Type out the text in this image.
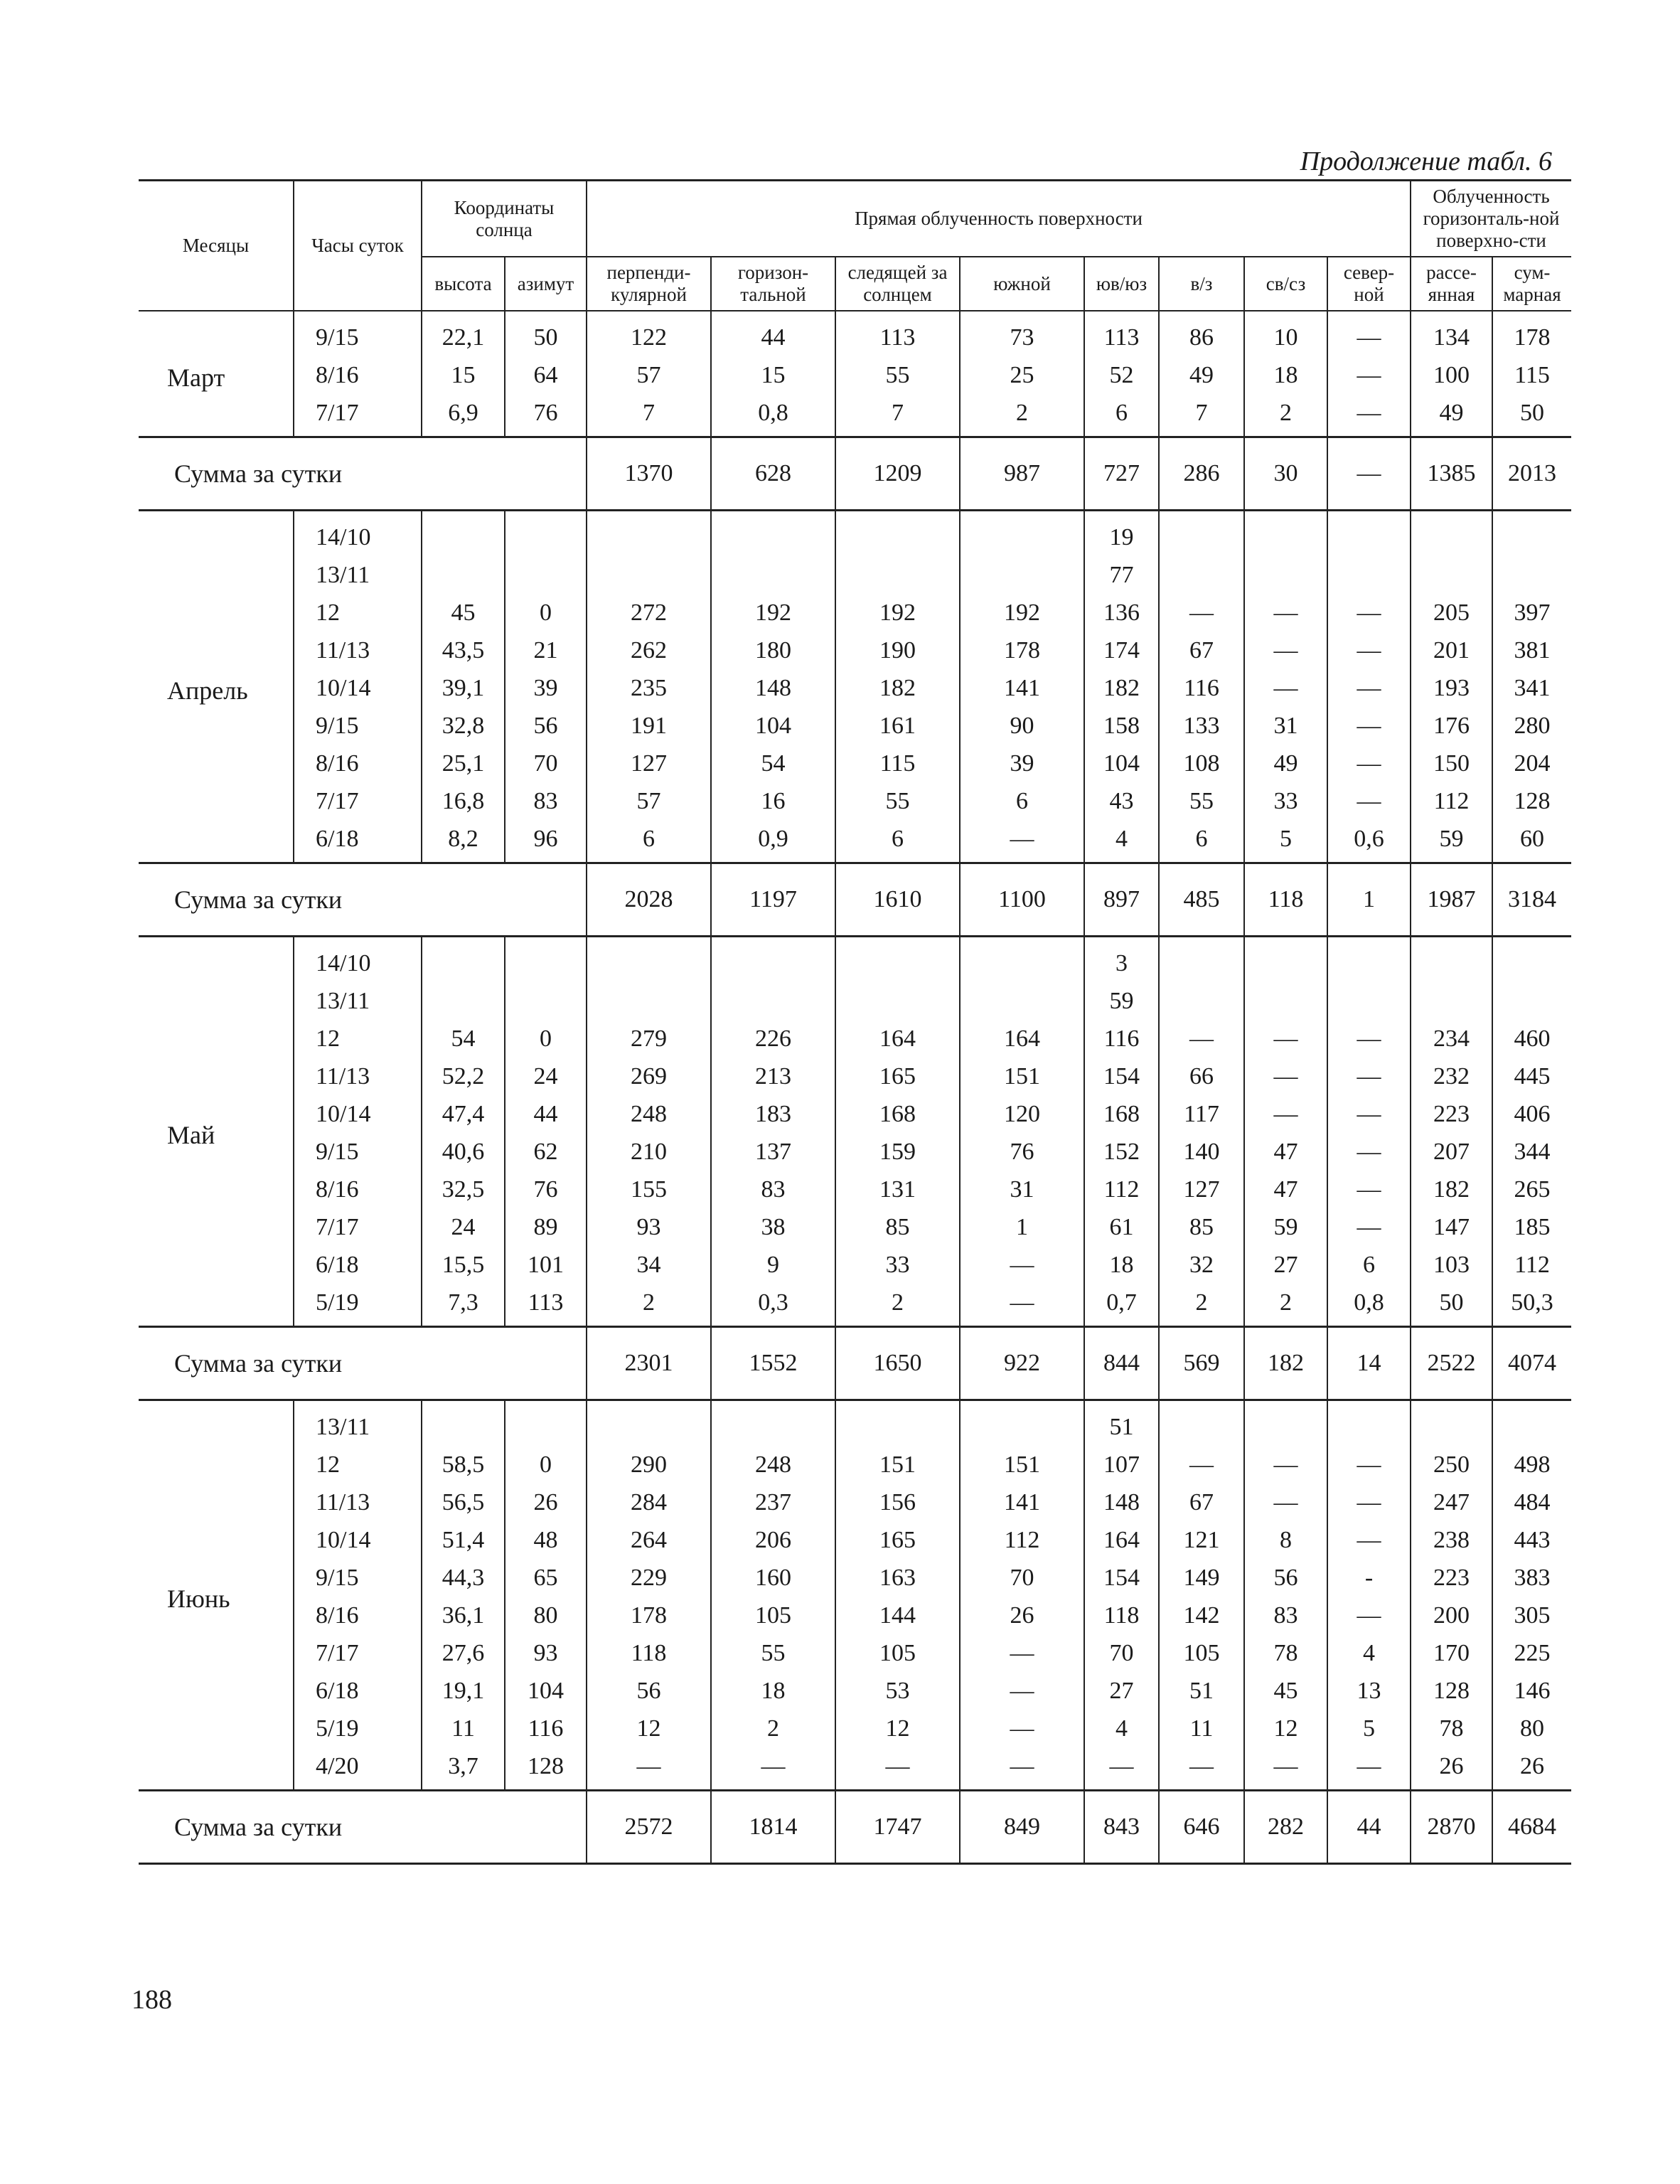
Продолжение табл. 6
Месяцы	Часы суток	Координаты солнца		Прямая облученность поверхности								Облученность горизонталь-ной поверхно-сти	
		высота	азимут	перпенди-кулярной	горизон-тальной	следящей за солнцем	южной	юв/юз	в/з	св/сз	север-ной	рассе-янная	сум-марная

Март	9/15	22,1	50	122	44	113	73	113	86	10	—	134	178
	8/16	15	64	57	15	55	25	52	49	18	—	100	115
	7/17	6,9	76	7	0,8	7	2	6	7	2	—	49	50
Сумма за сутки				1370	628	1209	987	727	286	30	—	1385	2013
Апрель	14/10							19					
	13/11							77					
	12	45	0	272	192	192	192	136	—	—	—	205	397
	11/13	43,5	21	262	180	190	178	174	67	—	—	201	381
	10/14	39,1	39	235	148	182	141	182	116	—	—	193	341
	9/15	32,8	56	191	104	161	90	158	133	31	—	176	280
	8/16	25,1	70	127	54	115	39	104	108	49	—	150	204
	7/17	16,8	83	57	16	55	6	43	55	33	—	112	128
	6/18	8,2	96	6	0,9	6	—	4	6	5	0,6	59	60
Сумма за сутки				2028	1197	1610	1100	897	485	118	1	1987	3184
Май	14/10							3					
	13/11							59					
	12	54	0	279	226	164	164	116	—	—	—	234	460
	11/13	52,2	24	269	213	165	151	154	66	—	—	232	445
	10/14	47,4	44	248	183	168	120	168	117	—	—	223	406
	9/15	40,6	62	210	137	159	76	152	140	47	—	207	344
	8/16	32,5	76	155	83	131	31	112	127	47	—	182	265
	7/17	24	89	93	38	85	1	61	85	59	—	147	185
	6/18	15,5	101	34	9	33	—	18	32	27	6	103	112
	5/19	7,3	113	2	0,3	2	—	0,7	2	2	0,8	50	50,3
Сумма за сутки				2301	1552	1650	922	844	569	182	14	2522	4074
Июнь	13/11							51					
	12	58,5	0	290	248	151	151	107	—	—	—	250	498
	11/13	56,5	26	284	237	156	141	148	67	—	—	247	484
	10/14	51,4	48	264	206	165	112	164	121	8	—	238	443
	9/15	44,3	65	229	160	163	70	154	149	56	-	223	383
	8/16	36,1	80	178	105	144	26	118	142	83	—	200	305
	7/17	27,6	93	118	55	105	—	70	105	78	4	170	225
	6/18	19,1	104	56	18	53	—	27	51	45	13	128	146
	5/19	11	116	12	2	12	—	4	11	12	5	78	80
	4/20	3,7	128	—	—	—	—	—	—	—	—	26	26
Сумма за сутки				2572	1814	1747	849	843	646	282	44	2870	4684
188
